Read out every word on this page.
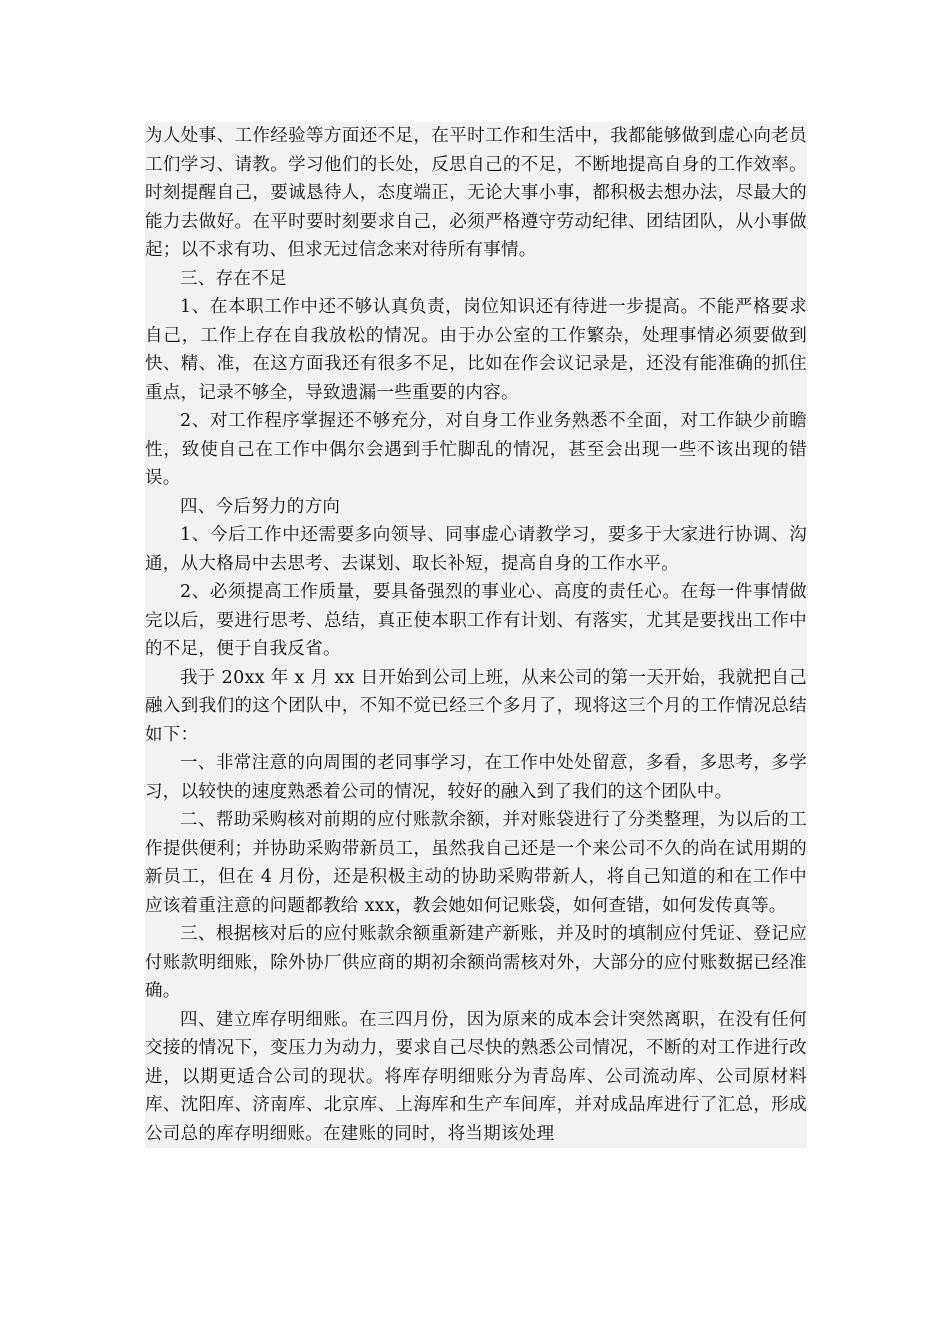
为人处事、工作经验等方面还不足，在平时工作和生活中，我都能够做到虚心向老员工们学习、请教。学习他们的长处，反思自己的不足，不断地提高自身的工作效率。时刻提醒自己，要诚恳待人，态度端正，无论大事小事，都积极去想办法，尽最大的能力去做好。在平时要时刻要求自己，必须严格遵守劳动纪律、团结团队，从小事做起；以不求有功、但求无过信念来对待所有事情。

三、存在不足

1、在本职工作中还不够认真负责，岗位知识还有待进一步提高。不能严格要求自己，工作上存在自我放松的情况。由于办公室的工作繁杂，处理事情必须要做到快、精、准，在这方面我还有很多不足，比如在作会议记录是，还没有能准确的抓住重点，记录不够全，导致遗漏一些重要的内容。

2、对工作程序掌握还不够充分，对自身工作业务熟悉不全面，对工作缺少前瞻性，致使自己在工作中偶尔会遇到手忙脚乱的情况，甚至会出现一些不该出现的错误。

四、今后努力的方向

1、今后工作中还需要多向领导、同事虚心请教学习，要多于大家进行协调、沟通，从大格局中去思考、去谋划、取长补短，提高自身的工作水平。

2、必须提高工作质量，要具备强烈的事业心、高度的责任心。在每一件事情做完以后，要进行思考、总结，真正使本职工作有计划、有落实，尤其是要找出工作中的不足，便于自我反省。

我于 20xx 年 x 月 xx 日开始到公司上班，从来公司的第一天开始，我就把自己融入到我们的这个团队中，不知不觉已经三个多月了，现将这三个月的工作情况总结如下：

一、非常注意的向周围的老同事学习，在工作中处处留意，多看，多思考，多学习，以较快的速度熟悉着公司的情况，较好的融入到了我们的这个团队中。

二、帮助采购核对前期的应付账款余额，并对账袋进行了分类整理，为以后的工作提供便利；并协助采购带新员工，虽然我自己还是一个来公司不久的尚在试用期的新员工，但在 4 月份，还是积极主动的协助采购带新人，将自己知道的和在工作中应该着重注意的问题都教给 xxx，教会她如何记账袋，如何查错，如何发传真等。

三、根据核对后的应付账款余额重新建产新账，并及时的填制应付凭证、登记应付账款明细账，除外协厂供应商的期初余额尚需核对外，大部分的应付账数据已经准确。

四、建立库存明细账。在三四月份，因为原来的成本会计突然离职，在没有任何交接的情况下，变压力为动力，要求自己尽快的熟悉公司情况，不断的对工作进行改进，以期更适合公司的现状。将库存明细账分为青岛库、公司流动库、公司原材料库、沈阳库、济南库、北京库、上海库和生产车间库，并对成品库进行了汇总，形成公司总的库存明细账。在建账的同时，将当期该处理
